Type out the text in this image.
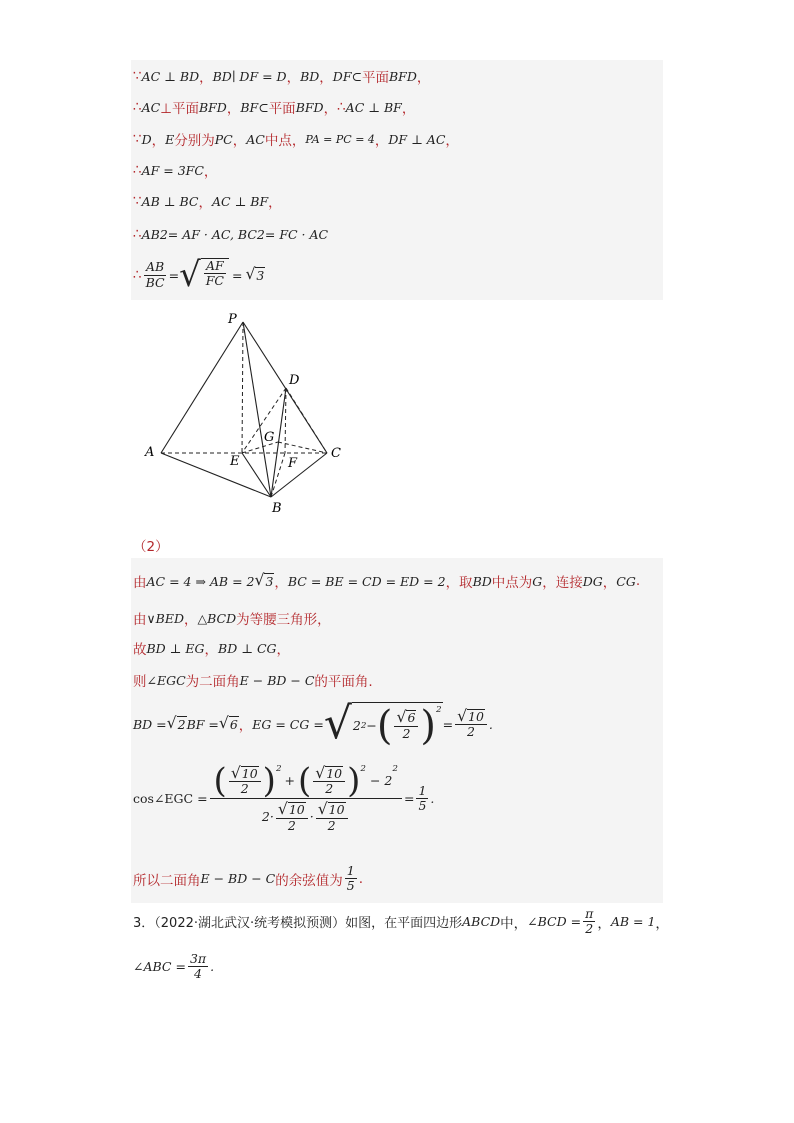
∵ AC ⊥ BD ， BD∣ DF = D ， BD ， DF⊂ 平面 BFD ，
∴ AC ⊥平面 BFD ， BF⊂ 平面 BFD ， ∴ AC ⊥ BF ，
∵ D ， E 分别为 PC ， AC 中点， PA = PC = 4 ， DF ⊥ AC ，
∴ AF = 3FC ，
∵ AB ⊥ BC ， AC ⊥ BF ，
∴ AB 2 = AF · AC, BC 2 = FC · AC
∴ $\frac{AB}{BC}$ = √ $\frac{AF}{FC}$ = √ 3
P
D
G
A
E	F
C
B
（2）
由 AC = 4 ⇒ AB = 2 √ 3 ， BC = BE = CD = ED = 2 ，取 BD 中点为 G ，连接 DG ， CG .
由 ∨BED ， △BCD 为等腰三角形，
故 BD ⊥ EG ， BD ⊥ CG ，
则 ∠EGC 为二面角 E − BD − C 的平面角.
BD = √ 2 BF = √ 6 ， EG = CG = √ 2 2 − ( $\frac{√ 6}{2} )^2$
= $\frac{√ 10}{2}$ .
cos∠EGC = ( $\frac{√ 10}{2} )^2$
+ ( $\frac{√ 10}{2} )^2$
− 2
$^2$
$2\cdot \frac{√ 10}{2} \cdot \frac{√ 10}{2}$
= $\frac{1}{5}$ .
所以二面角 E − BD − C 的余弦值为 $\frac{1}{5}$ .
3．（2022·湖北武汉·统考模拟预测）如图，在平面四边形 ABCD 中， ∠BCD = $\frac{\pi}{2}$ ， AB = 1 ，
∠ABC = $\frac{3\pi}{4}$ .
